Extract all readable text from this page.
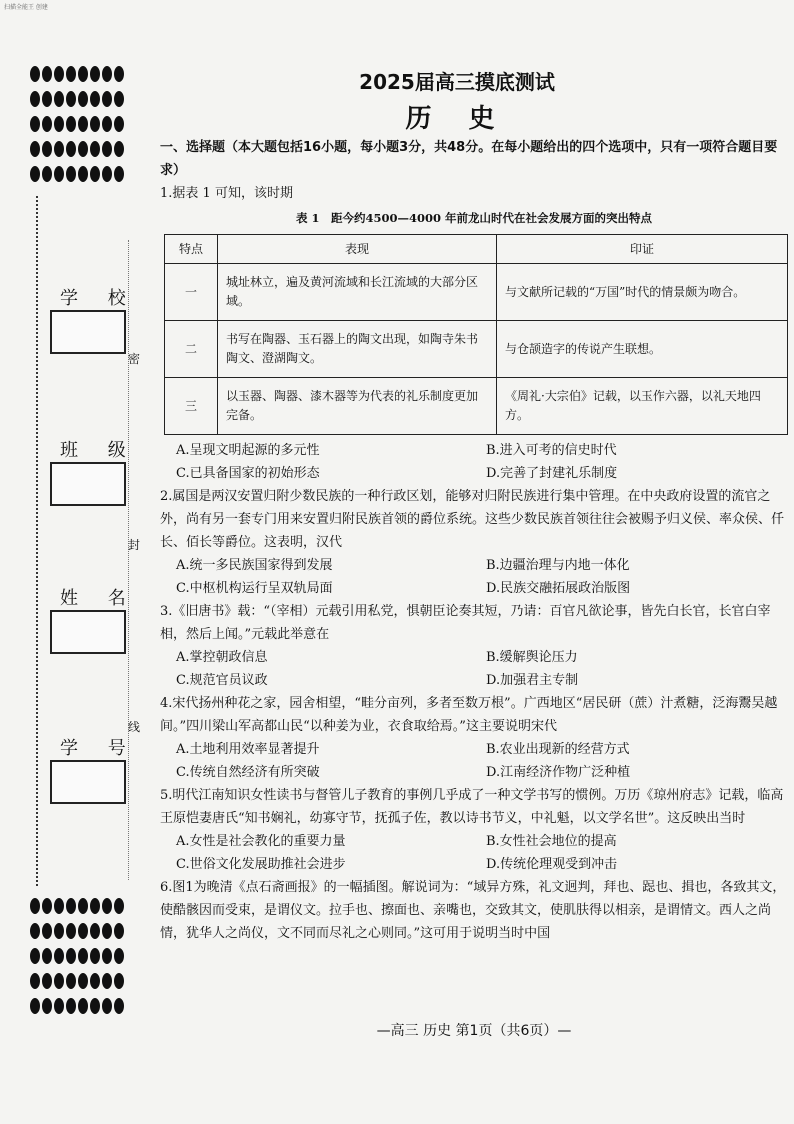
扫描全能王 创建
学 校
班 级
姓 名
学 号
密
封
线
2025届高三摸底测试
历 史
一、选择题（本大题包括16小题，每小题3分，共48分。在每小题给出的四个选项中，只有一项符合题目要求）
1.据表 1 可知，该时期
表 1　距今约4500—4000 年前龙山时代在社会发展方面的突出特点
特点	表现	印证
一	城址林立，遍及黄河流域和长江流域的大部分区域。	与文献所记载的“万国”时代的情景颇为吻合。
二	书写在陶器、玉石器上的陶文出现，如陶寺朱书陶文、澄湖陶文。	与仓颉造字的传说产生联想。
三	以玉器、陶器、漆木器等为代表的礼乐制度更加完备。	《周礼·大宗伯》记载，以玉作六器，以礼天地四方。
A.呈现文明起源的多元性	B.进入可考的信史时代
C.已具备国家的初始形态	D.完善了封建礼乐制度
2.属国是两汉安置归附少数民族的一种行政区划，能够对归附民族进行集中管理。在中央政府设置的流官之外，尚有另一套专门用来安置归附民族首领的爵位系统。这些少数民族首领往往会被赐予归义侯、率众侯、仟长、佰长等爵位。这表明，汉代
A.统一多民族国家得到发展	B.边疆治理与内地一体化
C.中枢机构运行呈双轨局面	D.民族交融拓展政治版图
3.《旧唐书》载：“（宰相）元载引用私党，惧朝臣论奏其短，乃请：百官凡欲论事，皆先白长官，长官白宰相，然后上闻。”元载此举意在
A.掌控朝政信息	B.缓解舆论压力
C.规范官员议政	D.加强君主专制
4.宋代扬州种花之家，园舍相望，“畦分亩列，多者至数万根”。广西地区“居民研（蔗）汁煮糖，泛海鬻吴越间。”四川梁山军高都山民“以种姜为业，衣食取给焉。”这主要说明宋代
A.土地利用效率显著提升	B.农业出现新的经营方式
C.传统自然经济有所突破	D.江南经济作物广泛种植
5.明代江南知识女性读书与督管儿子教育的事例几乎成了一种文学书写的惯例。万历《琼州府志》记载，临高王原恺妻唐氏“知书娴礼，幼寡守节，抚孤子佐，教以诗书节义，中礼魁，以文学名世”。这反映出当时
A.女性是社会教化的重要力量	B.女性社会地位的提高
C.世俗文化发展助推社会进步	D.传统伦理观受到冲击
6.图1为晚清《点石斋画报》的一幅插图。解说词为：“域异方殊，礼文迥判，拜也、跽也、揖也，各致其文，使酷骸因而受束，是谓仪文。拉手也、擦面也、亲嘴也，交致其文，使肌肤得以相亲，是谓情文。西人之尚情，犹华人之尚仪，文不同而尽礼之心则同。”这可用于说明当时中国
—高三 历史 第1页（共6页）—
